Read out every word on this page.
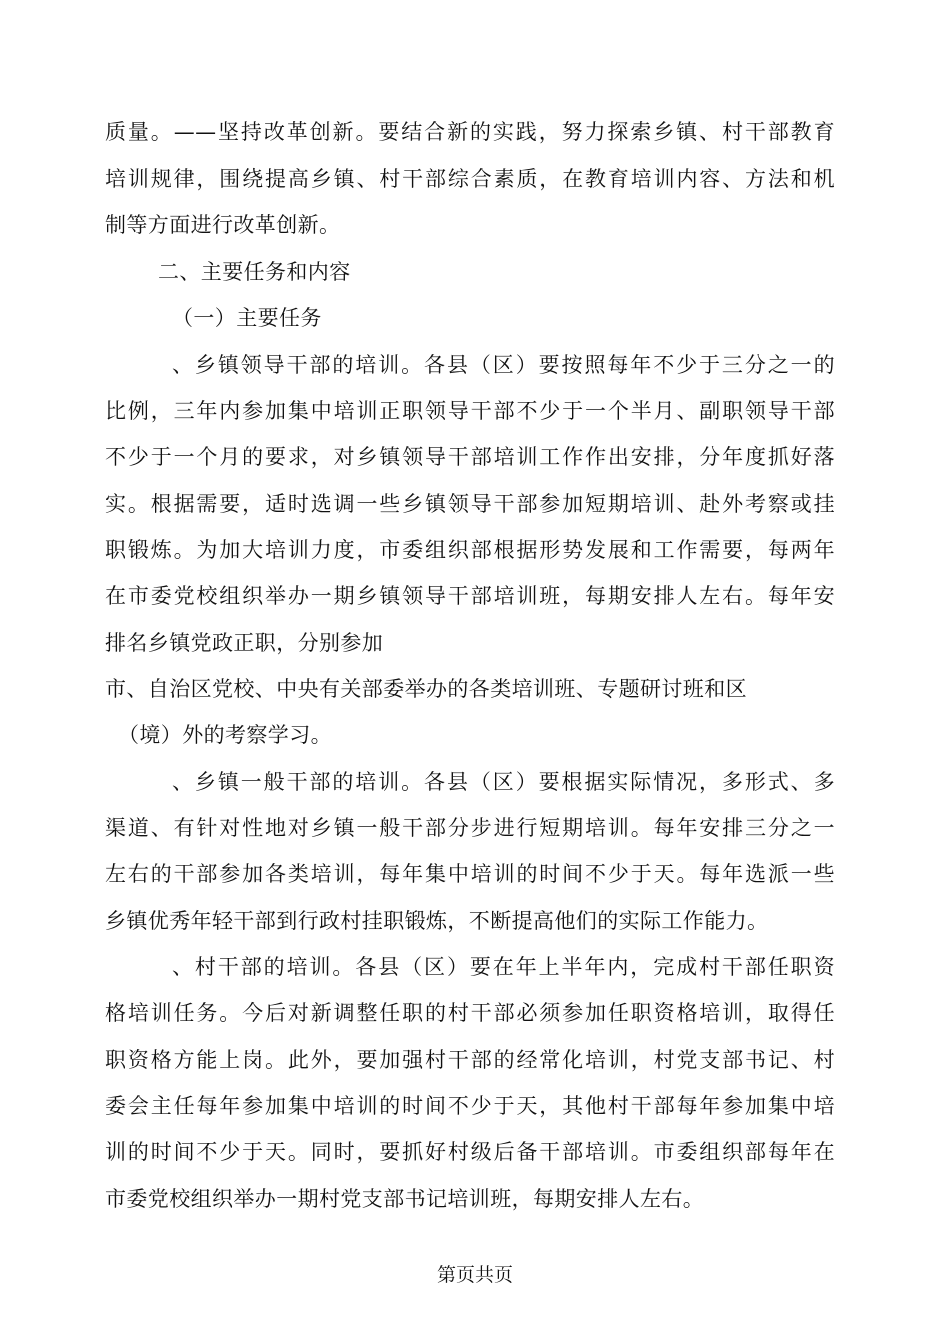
质量。——坚持改革创新。要结合新的实践，努力探索乡镇、村干部教育
培训规律，围绕提高乡镇、村干部综合素质，在教育培训内容、方法和机
制等方面进行改革创新。
二、主要任务和内容
（一）主要任务
、乡镇领导干部的培训。各县（区）要按照每年不少于三分之一的
比例，三年内参加集中培训正职领导干部不少于一个半月、副职领导干部
不少于一个月的要求，对乡镇领导干部培训工作作出安排，分年度抓好落
实。根据需要，适时选调一些乡镇领导干部参加短期培训、赴外考察或挂
职锻炼。为加大培训力度，市委组织部根据形势发展和工作需要，每两年
在市委党校组织举办一期乡镇领导干部培训班，每期安排人左右。每年安
排名乡镇党政正职，分别参加
市、自治区党校、中央有关部委举办的各类培训班、专题研讨班和区
（境）外的考察学习。
、乡镇一般干部的培训。各县（区）要根据实际情况，多形式、多
渠道、有针对性地对乡镇一般干部分步进行短期培训。每年安排三分之一
左右的干部参加各类培训，每年集中培训的时间不少于天。每年选派一些
乡镇优秀年轻干部到行政村挂职锻炼，不断提高他们的实际工作能力。
、村干部的培训。各县（区）要在年上半年内，完成村干部任职资
格培训任务。今后对新调整任职的村干部必须参加任职资格培训，取得任
职资格方能上岗。此外，要加强村干部的经常化培训，村党支部书记、村
委会主任每年参加集中培训的时间不少于天，其他村干部每年参加集中培
训的时间不少于天。同时，要抓好村级后备干部培训。市委组织部每年在
市委党校组织举办一期村党支部书记培训班，每期安排人左右。
第页共页
